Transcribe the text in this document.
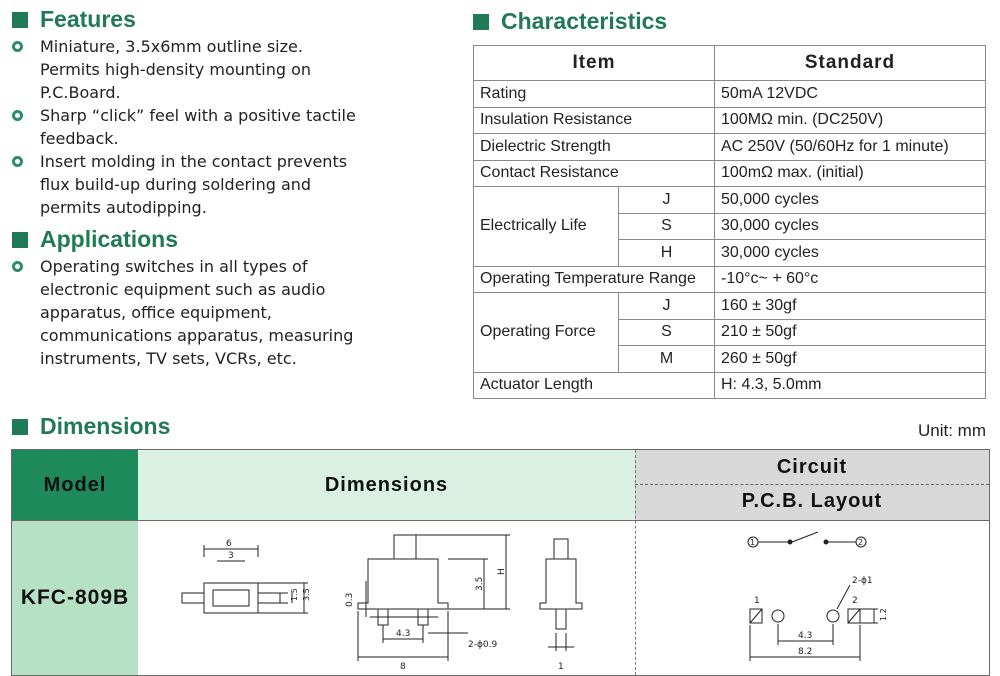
Features
Miniature, 3.5x6mm outline size.
Permits high-density mounting on
P.C.Board.
Sharp “click” feel with a positive tactile
feedback.
Insert molding in the contact prevents
flux build-up during soldering and
permits autodipping.
Applications
Operating switches in all types of
electronic equipment such as audio
apparatus, office equipment,
communications apparatus, measuring
instruments, TV sets, VCRs, etc.
Characteristics
Item		Standard
Rating		50mA 12VDC
Insulation Resistance		100MΩ min. (DC250V)
Dielectric Strength		AC 250V (50/60Hz for 1 minute)
Contact Resistance		100mΩ max. (initial)
Electrically Life	J	50,000 cycles
	S	30,000 cycles
	H	30,000 cycles
Operating Temperature Range		-10°c~ + 60°c
Operating Force	J	160 ± 30gf
	S	210 ± 50gf
	M	260 ± 50gf
Actuator Length		H: 4.3, 5.0mm
Dimensions	Unit: mm
Model	Dimensions
Circuit
P.C.B. Layout
KFC-809B
6
3
1.5 3.5	0.3
3.5
H
4.3
8
2-ϕ0.9
1
1	2
1	2
2-ϕ1
1.2
4.3
8.2
